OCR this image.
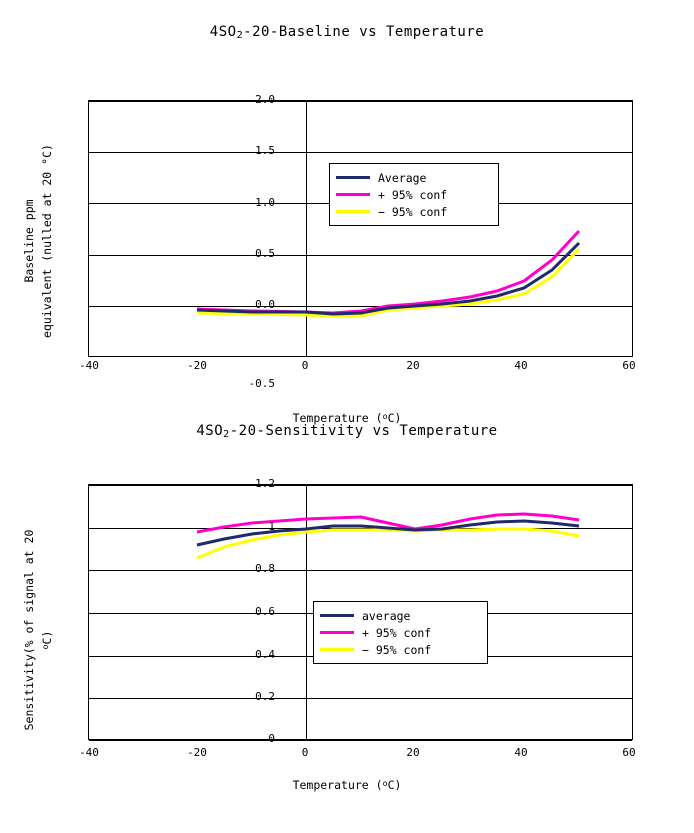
$4SO_2-20$-Baseline vs Temperature
Baseline ppm equivalent (nulled at 20 °C)	Average
+ 95% conf
− 95% conf
2.0
1.5
1.0
0.5
0.0
-0.5
-40	-20	0	20	40	60
Temperature ($^o$C)
$4SO_2-20$-Sensitivity vs Temperature
Sensitivity(% of signal at 20 $^o$C)
average
+ 95% conf
− 95% conf
1.2
1
0.8
0.6
0.4
0.2
0
-40	-20	0	20	40	60
Temperature ($^o$C)
